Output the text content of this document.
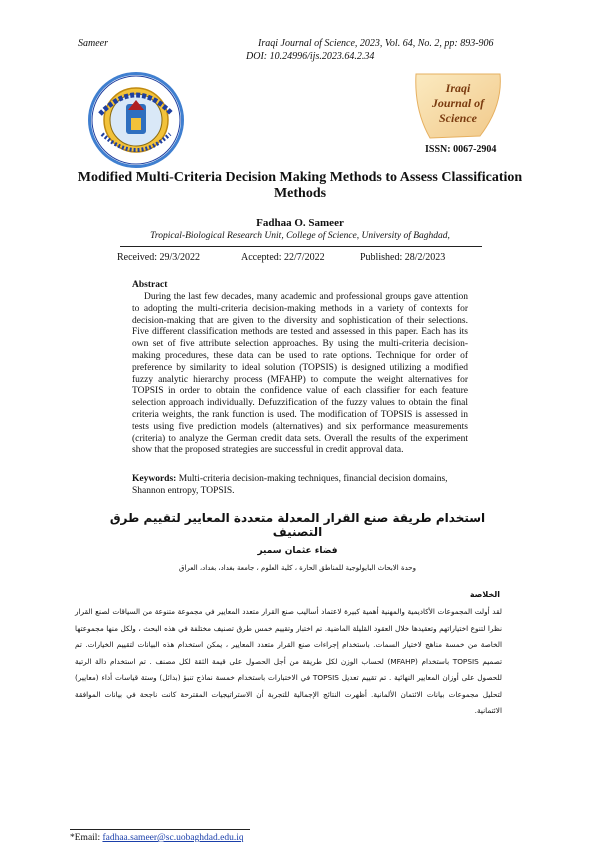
Sameer	Iraqi Journal of Science, 2023, Vol. 64, No. 2, pp: 893-906
DOI: 10.24996/ijs.2023.64.2.34
Iraqi
Journal of
Science
ISSN: 0067-2904
Modified Multi-Criteria Decision Making Methods to Assess Classification Methods
Fadhaa O. Sameer
Tropical-Biological Research Unit, College of Science, University of Baghdad,
Received: 29/3/2022	Accepted: 22/7/2022	Published: 28/2/2023
Abstract
During the last few decades, many academic and professional groups gave attention to adopting the multi-criteria decision-making methods in a variety of contexts for decision-making that are given to the diversity and sophistication of their selections. Five different classification methods are tested and assessed in this paper. Each has its own set of five attribute selection approaches. By using the multi-criteria decision-making procedures, these data can be used to rate options. Technique for order of preference by similarity to ideal solution (TOPSIS) is designed utilizing a modified fuzzy analytic hierarchy process (MFAHP) to compute the weight alternatives for TOPSIS in order to obtain the confidence value of each classifier for each feature selection approach individually. Defuzzification of the fuzzy values to obtain the final criteria weights, the rank function is used. The modification of TOPSIS is assessed in tests using five prediction models (alternatives) and six performance measurements (criteria) to analyze the German credit data sets. Overall the results of the experiment show that the proposed strategies are successful in credit approval data.
Keywords: Multi-criteria decision-making techniques, financial decision domains, Shannon entropy, TOPSIS.
استخدام طريقة صنع القرار المعدلة متعددة المعايير لتقييم طرق التصنيف
فضاء عثمان سمير
وحدة الابحاث البايولوجية للمناطق الحارة ، كلية العلوم ، جامعة بغداد، بغداد، العراق
الخلاصة
لقد أولت المجموعات الأكاديمية والمهنية أهمية كبيرة لاعتماد أساليب صنع القرار متعدد المعايير في مجموعة متنوعة من السياقات لصنع القرار نظرا لتنوع اختياراتهم وتعقيدها خلال العقود القليلة الماضية. تم اختبار وتقييم خمس طرق تصنيف مختلفة في هذه البحث ، ولكل منها مجموعتها الخاصة من خمسة مناهج لاختيار السمات. باستخدام إجراءات صنع القرار متعدد المعايير ، يمكن استخدام هذه البيانات لتقييم الخيارات. تم تصميم TOPSIS باستخدام (MFAHP) لحساب الوزن لكل طريقة من أجل الحصول على قيمة الثقة لكل مصنف . تم استخدام دالة الرتبة للحصول على أوزان المعايير النهائية . تم تقييم تعديل TOPSIS في الاختبارات باستخدام خمسة نماذج تنبؤ (بدائل) وستة قياسات أداء (معايير) لتحليل مجموعات بيانات الائتمان الألمانية. أظهرت النتائج الإجمالية للتجربة أن الاستراتيجيات المقترحة كانت ناجحة في بيانات الموافقة الائتمانية.
*Email: fadhaa.sameer@sc.uobaghdad.edu.iq
